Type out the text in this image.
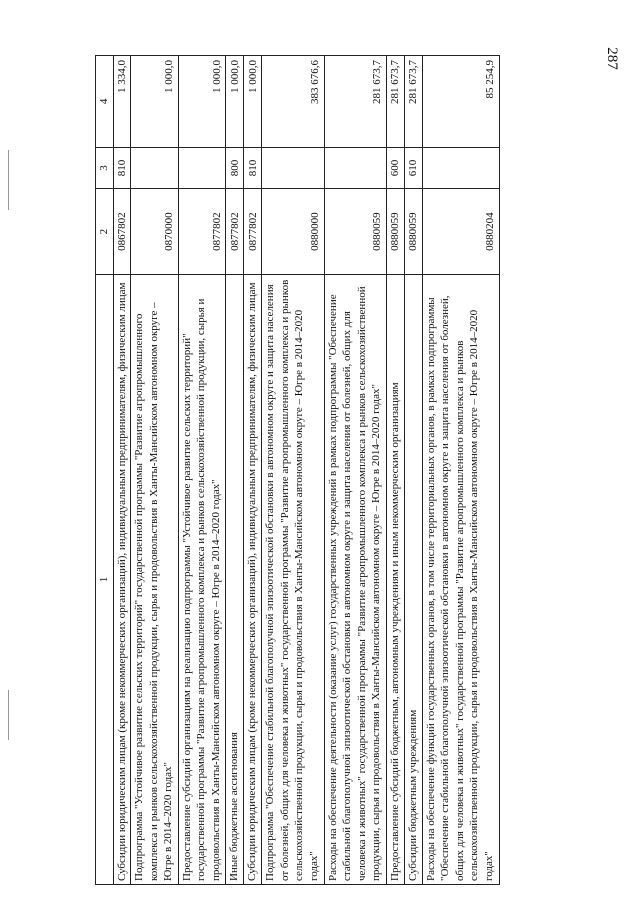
287
1	2	3	4
Субсидии юридическим лицам (кроме некоммерческих организаций), индивидуальным предпринимателям, физическим лицам	0867802	810	1 334,0
Подпрограмма "Устойчивое развитие сельских территорий" государственной программы "Развитие агропромышленного комплекса и рынков сельскохозяйственной продукции, сырья и продовольствия в Ханты-Мансийском автономном округе – Югре в 2014–2020 годах"	0870000		1 000,0
Предоставление субсидий организациям на реализацию подпрограммы "Устойчивое развитие сельских территорий" государственной программы "Развитие агропромышленного комплекса и рынков сельскохозяйственной продукции, сырья и продовольствия в Ханты-Мансийском автономном округе – Югре в 2014–2020 годах"	0877802		1 000,0
Иные бюджетные ассигнования	0877802	800	1 000,0
Субсидии юридическим лицам (кроме некоммерческих организаций), индивидуальным предпринимателям, физическим лицам	0877802	810	1 000,0
Подпрограмма "Обеспечение стабильной благополучной эпизоотической обстановки в автономном округе и защита населения от болезней, общих для человека и животных" государственной программы "Развитие агропромышленного комплекса и рынков сельскохозяйственной продукции, сырья и продовольствия в Ханты-Мансийском автономном округе – Югре в 2014–2020 годах"	0880000		383 676,6
Расходы на обеспечение деятельности (оказание услуг) государственных учреждений в рамках подпрограммы "Обеспечение стабильной благополучной эпизоотической обстановки в автономном округе и защита населения от болезней, общих для человека и животных" государственной программы "Развитие агропромышленного комплекса и рынков сельскохозяйственной продукции, сырья и продовольствия в Ханты-Мансийском автономном округе – Югре в 2014–2020 годах"	0880059		281 673,7
Предоставление субсидий бюджетным, автономным учреждениям и иным некоммерческим организациям	0880059	600	281 673,7
Субсидии бюджетным учреждениям	0880059	610	281 673,7
Расходы на обеспечение функций государственных органов, в том числе территориальных органов, в рамках подпрограммы "Обеспечение стабильной благополучной эпизоотической обстановки в автономном округе и защита населения от болезней, общих для человека и животных" государственной программы "Развитие агропромышленного комплекса и рынков сельскохозяйственной продукции, сырья и продовольствия в Ханты-Мансийском автономном округе – Югре в 2014–2020 годах"	0880204		85 254,9
